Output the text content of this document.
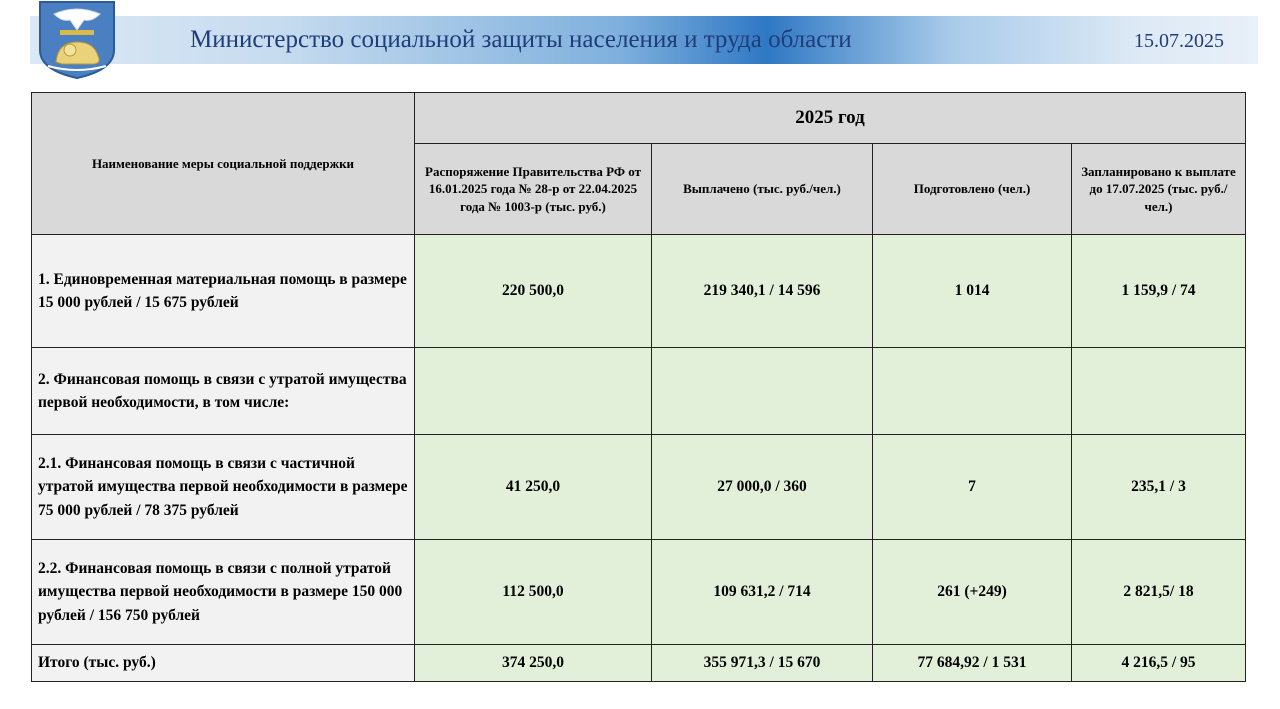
Министерство социальной защиты населения и труда области	15.07.2025
Наименование меры социальной поддержки	2025 год			
	Распоряжение Правительства РФ от 16.01.2025 года № 28-р от 22.04.2025 года № 1003-р (тыс. руб.)	Выплачено (тыс. руб./чел.)	Подготовлено (чел.)	Запланировано к выплате до 17.07.2025 (тыс. руб./чел.)
1. Единовременная материальная помощь в размере 15 000 рублей / 15 675 рублей	220 500,0	219 340,1 / 14 596	1 014	1 159,9 / 74
2. Финансовая помощь в связи с утратой имущества первой необходимости, в том числе:				
2.1. Финансовая помощь в связи с частичной утратой имущества первой необходимости в размере 75 000 рублей / 78 375 рублей	41 250,0	27 000,0 / 360	7	235,1 / 3
2.2. Финансовая помощь в связи с полной утратой имущества первой необходимости в размере 150 000 рублей / 156 750 рублей	112 500,0	109 631,2 / 714	261 (+249)	2 821,5/ 18
Итого (тыс. руб.)	374 250,0	355 971,3 / 15 670	77 684,92 / 1 531	4 216,5 / 95
